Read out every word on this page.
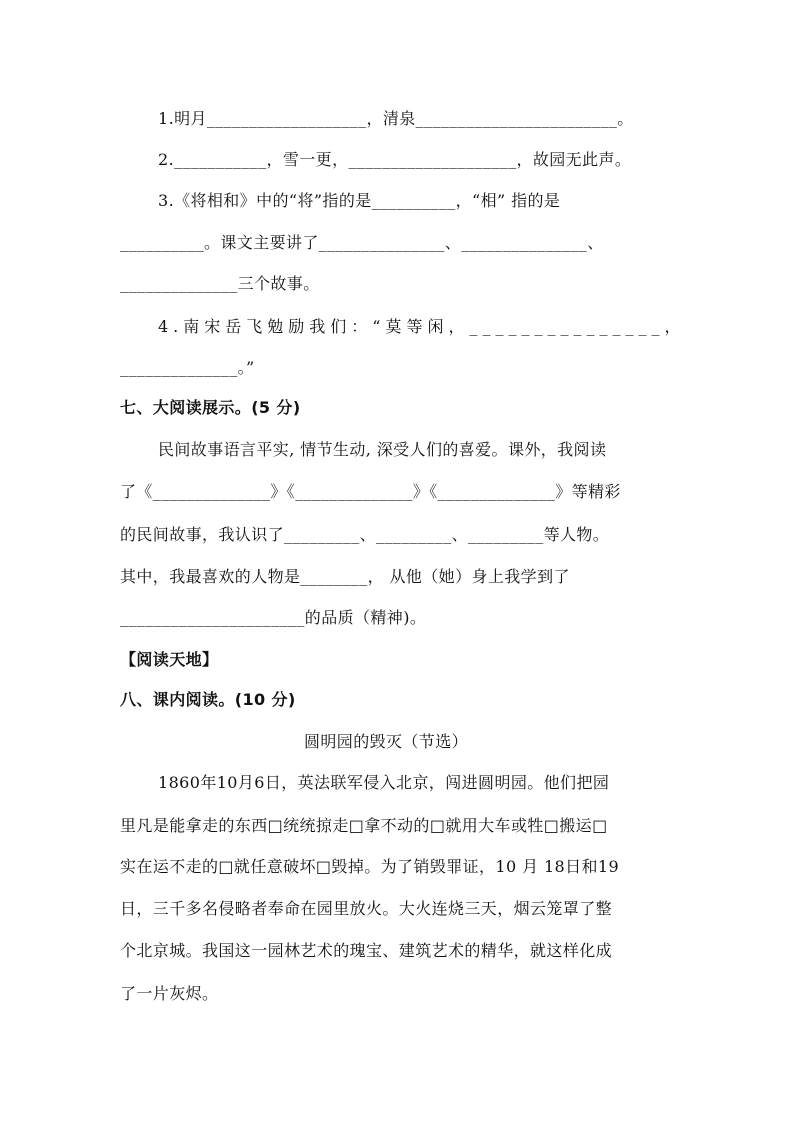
1.明月___________________，清泉________________________。
2.___________，雪一更，____________________，故园无此声。
3.《将相和》中的“将”指的是__________，“相” 指的是
__________。课文主要讲了_______________、_______________、
______________三个故事。
4.南宋岳飞勉励我们：“莫等闲，_______________，
______________。”
七、大阅读展示。(5 分)
民间故事语言平实, 情节生动, 深受人们的喜爱。课外，我阅读
了《______________》《______________》《______________》等精彩
的民间故事，我认识了_________、_________、_________等人物。
其中，我最喜欢的人物是________， 从他（她）身上我学到了
______________________的品质（精神)。
【阅读天地】
八、课内阅读。(10 分)
圆明园的毁灭（节选）
1860年10月6日，英法联军侵入北京，闯进圆明园。他们把园
里凡是能拿走的东西□统统掠走□拿不动的□就用大车或牲□搬运□
实在运不走的□就任意破坏□毁掉。为了销毁罪证，10 月 18日和19
日，三千多名侵略者奉命在园里放火。大火连烧三天，烟云笼罩了整
个北京城。我国这一园林艺术的瑰宝、建筑艺术的精华，就这样化成
了一片灰烬。
